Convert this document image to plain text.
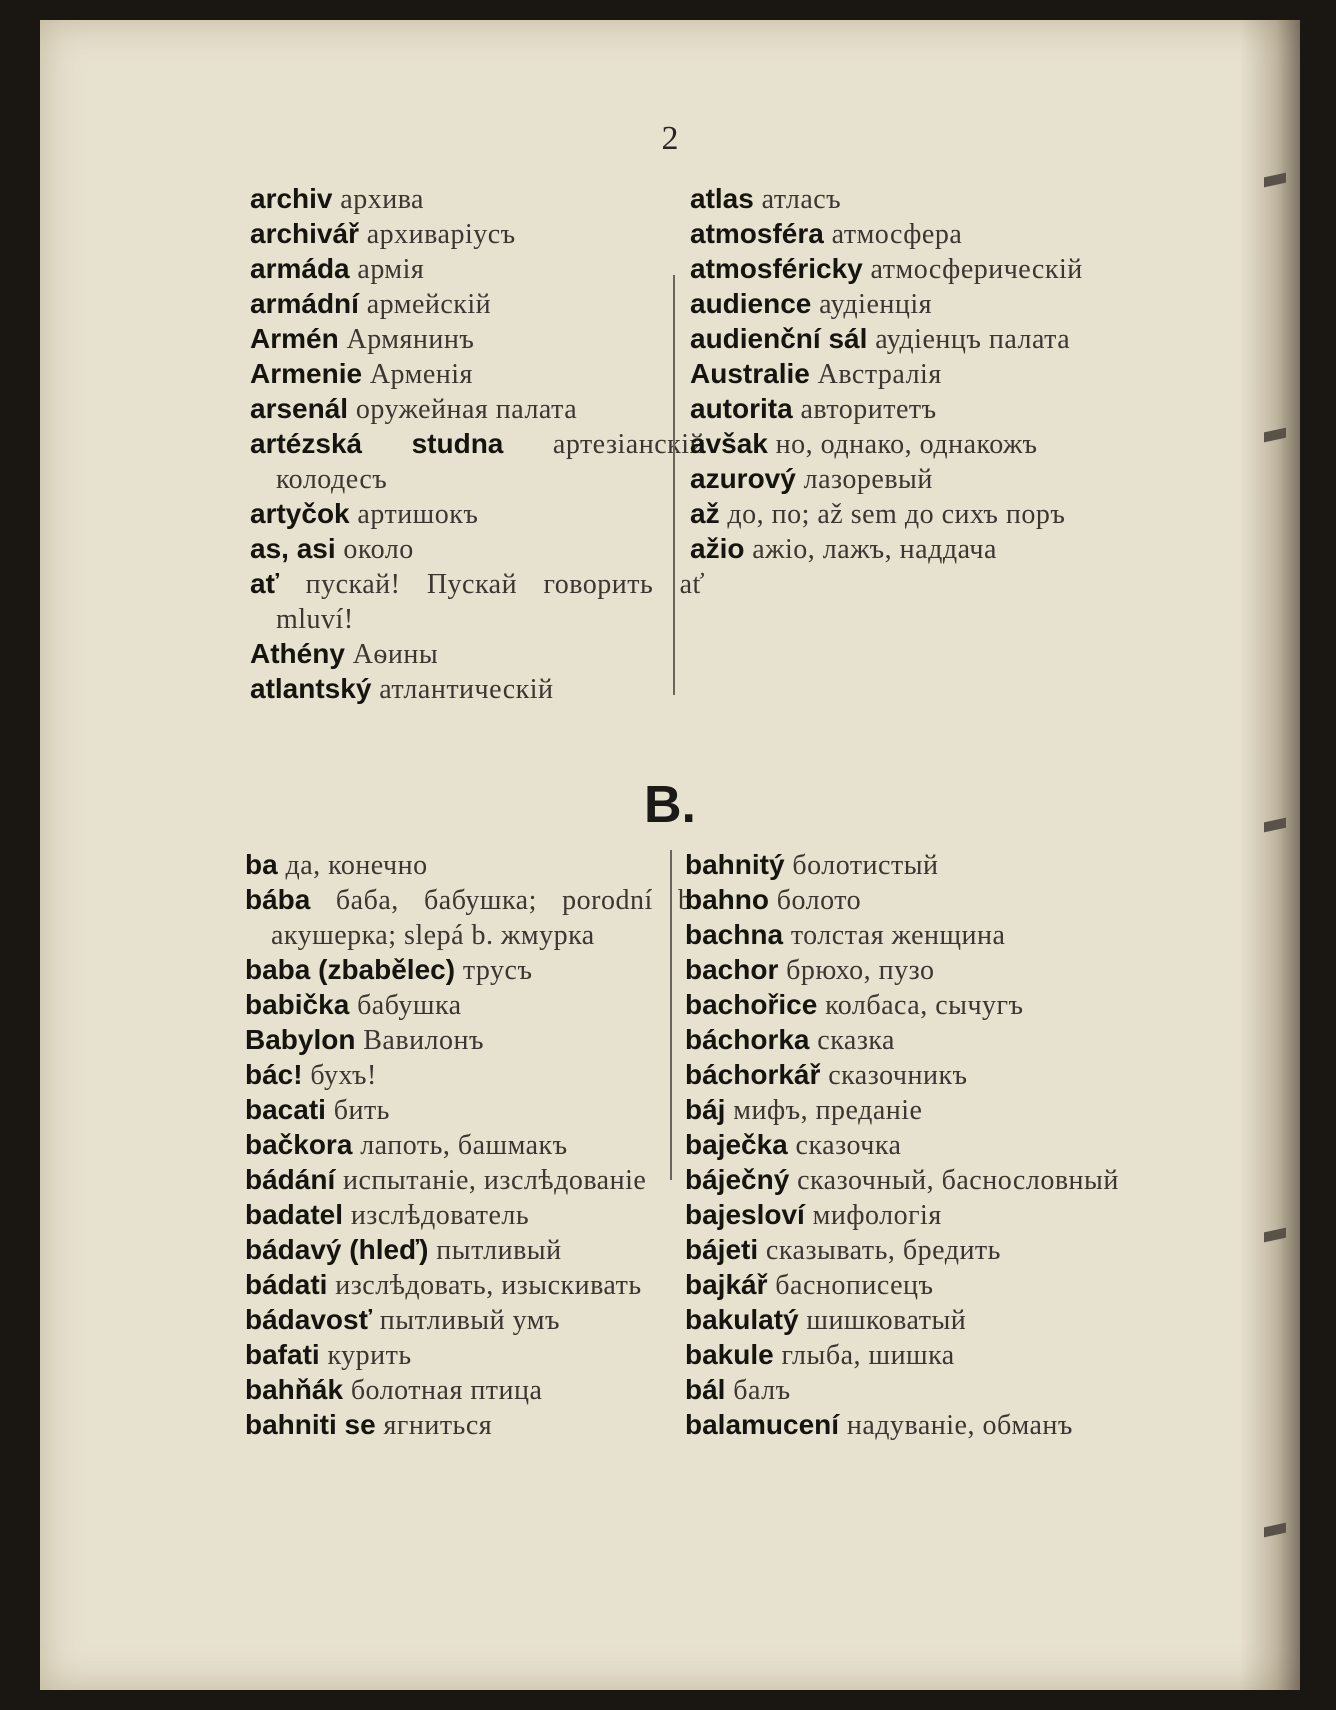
2

archiv архива

archivář архиваріусъ

armáda армія

armádní армейскій

Armén Армянинъ

Armenie Арменія

arsenál оружейная палата

artézská studna артезіанскій колодесъ

artyčok артишокъ

as, asi около

ať пускай! Пускай говорить ať mluví!

Athény Аѳины

atlantský атлантическій

atlas атласъ

atmosféra атмосфера

atmosféricky атмосферическій

audience аудіенція

audienční sál аудіенцъ палата

Australie Австралія

autorita авторитетъ

avšak но, однако, однакожъ

azurový лазоревый

až до, по; až sem до сихъ поръ

ažio ажіо, лажъ, наддача

B.

ba да, конечно

bába баба, бабушка; porodní b. акушерка; slepá b. жмурка

baba (zbabělec) трусъ

babička бабушка

Babylon Вавилонъ

bác! бухъ!

bacati бить

bačkora лапоть, башмакъ

bádání испытаніе, изслѣдованіе

badatel изслѣдователь

bádavý (hleď) пытливый

bádati изслѣдовать, изыскивать

bádavosť пытливый умъ

bafati курить

bahňák болотная птица

bahniti se ягниться

bahnitý болотистый

bahno болото

bachna толстая женщина

bachor брюхо, пузо

bachořice колбаса, сычугъ

báchorka сказка

báchorkář сказочникъ

báj мифъ, преданіе

baječka сказочка

báječný сказочный, баснословный

bajesloví мифологія

bájeti сказывать, бредить

bajkář баснописецъ

bakulatý шишковатый

bakule глыба, шишка

bál балъ

balamucení надуваніе, обманъ
